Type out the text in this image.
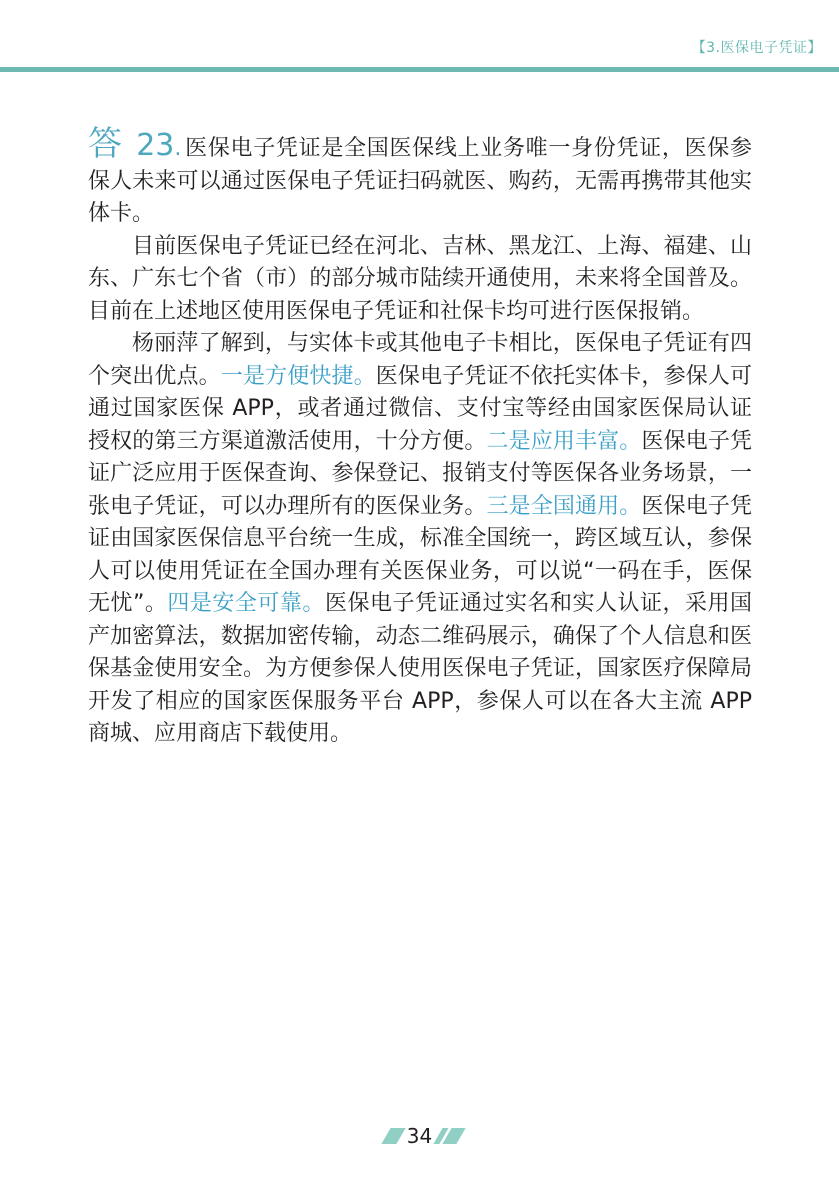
【3.医保电子凭证】

答 23.医保电子凭证是全国医保线上业务唯一身份凭证，医保参保人未来可以通过医保电子凭证扫码就医、购药，无需再携带其他实体卡。

目前医保电子凭证已经在河北、吉林、黑龙江、上海、福建、山东、广东七个省（市）的部分城市陆续开通使用，未来将全国普及。目前在上述地区使用医保电子凭证和社保卡均可进行医保报销。

杨丽萍了解到，与实体卡或其他电子卡相比，医保电子凭证有四个突出优点。一是方便快捷。医保电子凭证不依托实体卡，参保人可通过国家医保 APP，或者通过微信、支付宝等经由国家医保局认证授权的第三方渠道激活使用，十分方便。二是应用丰富。医保电子凭证广泛应用于医保查询、参保登记、报销支付等医保各业务场景，一张电子凭证，可以办理所有的医保业务。三是全国通用。医保电子凭证由国家医保信息平台统一生成，标准全国统一，跨区域互认，参保人可以使用凭证在全国办理有关医保业务，可以说“一码在手，医保无忧”。四是安全可靠。医保电子凭证通过实名和实人认证，采用国产加密算法，数据加密传输，动态二维码展示，确保了个人信息和医保基金使用安全。为方便参保人使用医保电子凭证，国家医疗保障局开发了相应的国家医保服务平台 APP，参保人可以在各大主流 APP 商城、应用商店下载使用。

34
